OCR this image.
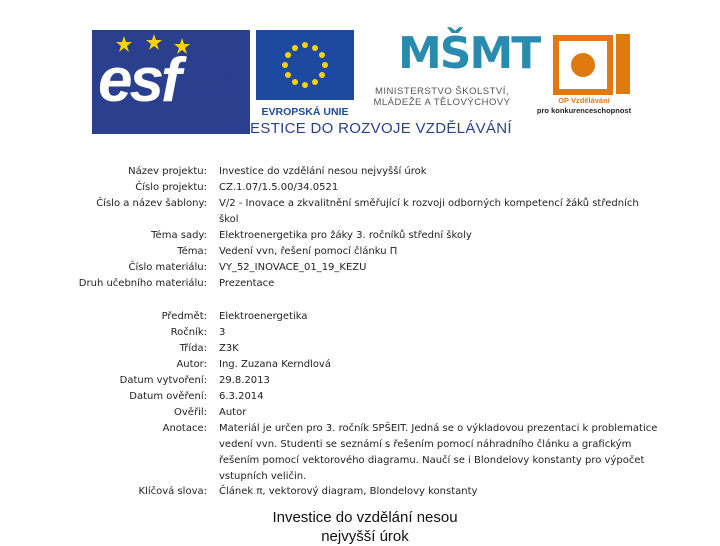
esf evropský
sociální
fond v ČR
EVROPSKÁ UNIE
MŠMT
MINISTERSTVO ŠKOLSTVÍ,
MLÁDEŽE A TĚLOVÝCHOVY	OP Vzdělávání
pro konkurenceschopnost
INVESTICE DO ROZVOJE VZDĚLÁVÁNÍ
Název projektu: Investice do vzdělání nesou nejvyšší úrok
Číslo projektu: CZ.1.07/1.5.00/34.0521
Číslo a název šablony: V/2 - Inovace a zkvalitnění směřující k rozvoji odborných kompetencí žáků středních škol
Téma sady: Elektroenergetika pro žáky 3. ročníků střední školy
Téma: Vedení vvn, řešení pomocí článku Π
Číslo materiálu: VY_52_INOVACE_01_19_KEZU
Druh učebního materiálu: Prezentace
Předmět: Elektroenergetika
Ročník: 3
Třída: Z3K
Autor: Ing. Zuzana Kerndlová
Datum vytvoření: 29.8.2013
Datum ověření: 6.3.2014
Ověřil: Autor
Anotace: Materiál je určen pro 3. ročník SPŠEIT. Jedná se o výkladovou prezentaci k problematice vedení vvn. Studenti se seznámí s řešením pomocí náhradního článku a grafickým řešením pomocí vektorového diagramu. Naučí se i Blondelovy konstanty pro výpočet vstupních veličin.
Klíčová slova: Článek π, vektorový diagram, Blondelovy konstanty
Investice do vzdělání nesou nejvyšší úrok
